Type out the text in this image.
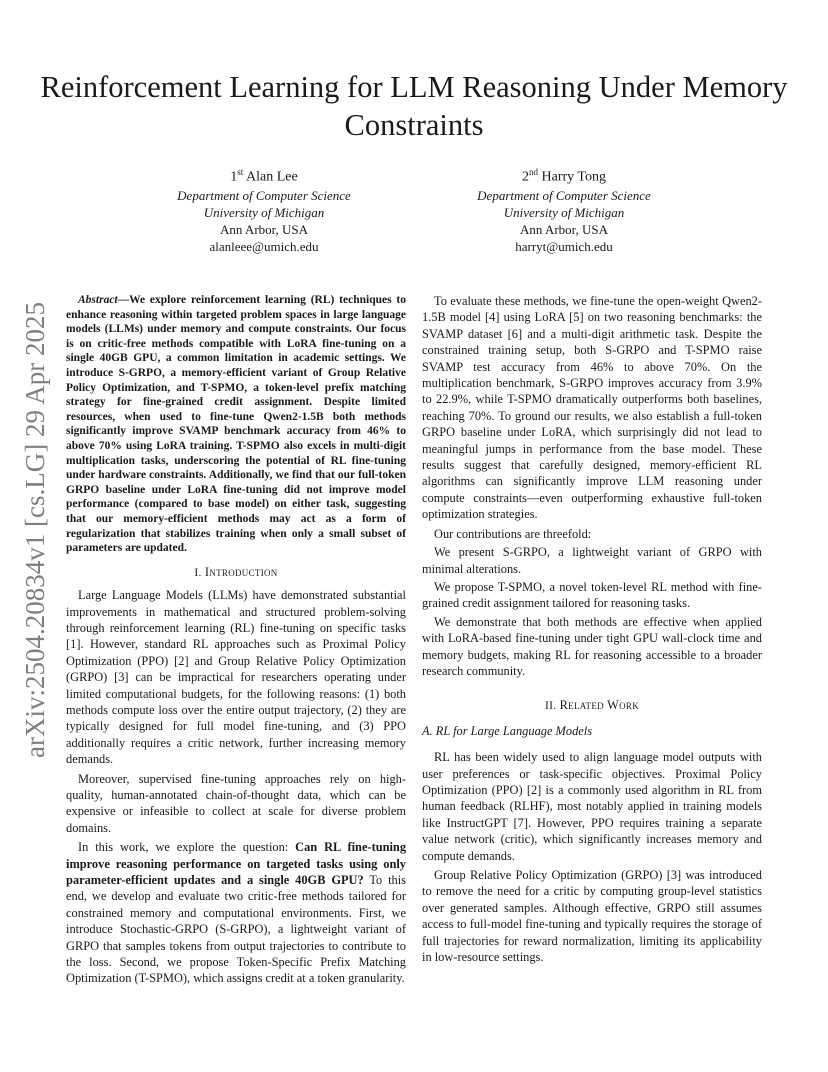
Reinforcement Learning for LLM Reasoning Under Memory Constraints
1st Alan Lee
Department of Computer Science
University of Michigan
Ann Arbor, USA
alanleee@umich.edu
2nd Harry Tong
Department of Computer Science
University of Michigan
Ann Arbor, USA
harryt@umich.edu
arXiv:2504.20834v1 [cs.LG] 29 Apr 2025

Abstract—We explore reinforcement learning (RL) techniques to enhance reasoning within targeted problem spaces in large language models (LLMs) under memory and compute constraints. Our focus is on critic-free methods compatible with LoRA fine-tuning on a single 40GB GPU, a common limitation in academic settings. We introduce S-GRPO, a memory-efficient variant of Group Relative Policy Optimization, and T-SPMO, a token-level prefix matching strategy for fine-grained credit assignment. Despite limited resources, when used to fine-tune Qwen2-1.5B both methods significantly improve SVAMP benchmark accuracy from 46% to above 70% using LoRA training. T-SPMO also excels in multi-digit multiplication tasks, underscoring the potential of RL fine-tuning under hardware constraints. Additionally, we find that our full-token GRPO baseline under LoRA fine-tuning did not improve model performance (compared to base model) on either task, suggesting that our memory-efficient methods may act as a form of regularization that stabilizes training when only a small subset of parameters are updated.

I. Introduction

Large Language Models (LLMs) have demonstrated substantial improvements in mathematical and structured problem-solving through reinforcement learning (RL) fine-tuning on specific tasks [1]. However, standard RL approaches such as Proximal Policy Optimization (PPO) [2] and Group Relative Policy Optimization (GRPO) [3] can be impractical for researchers operating under limited computational budgets, for the following reasons: (1) both methods compute loss over the entire output trajectory, (2) they are typically designed for full model fine-tuning, and (3) PPO additionally requires a critic network, further increasing memory demands.

Moreover, supervised fine-tuning approaches rely on high-quality, human-annotated chain-of-thought data, which can be expensive or infeasible to collect at scale for diverse problem domains.

In this work, we explore the question: Can RL fine-tuning improve reasoning performance on targeted tasks using only parameter-efficient updates and a single 40GB GPU? To this end, we develop and evaluate two critic-free methods tailored for constrained memory and computational environments. First, we introduce Stochastic-GRPO (S-GRPO), a lightweight variant of GRPO that samples tokens from output trajectories to contribute to the loss. Second, we propose Token-Specific Prefix Matching Optimization (T-SPMO), which assigns credit at a token granularity.

To evaluate these methods, we fine-tune the open-weight Qwen2-1.5B model [4] using LoRA [5] on two reasoning benchmarks: the SVAMP dataset [6] and a multi-digit arithmetic task. Despite the constrained training setup, both S-GRPO and T-SPMO raise SVAMP test accuracy from 46% to above 70%. On the multiplication benchmark, S-GRPO improves accuracy from 3.9% to 22.9%, while T-SPMO dramatically outperforms both baselines, reaching 70%. To ground our results, we also establish a full-token GRPO baseline under LoRA, which surprisingly did not lead to meaningful jumps in performance from the base model. These results suggest that carefully designed, memory-efficient RL algorithms can significantly improve LLM reasoning under compute constraints—even outperforming exhaustive full-token optimization strategies.

Our contributions are threefold:

We present S-GRPO, a lightweight variant of GRPO with minimal alterations.

We propose T-SPMO, a novel token-level RL method with fine-grained credit assignment tailored for reasoning tasks.

We demonstrate that both methods are effective when applied with LoRA-based fine-tuning under tight GPU wall-clock time and memory budgets, making RL for reasoning accessible to a broader research community.

II. Related Work
A. RL for Large Language Models

RL has been widely used to align language model outputs with user preferences or task-specific objectives. Proximal Policy Optimization (PPO) [2] is a commonly used algorithm in RL from human feedback (RLHF), most notably applied in training models like InstructGPT [7]. However, PPO requires training a separate value network (critic), which significantly increases memory and compute demands.

Group Relative Policy Optimization (GRPO) [3] was introduced to remove the need for a critic by computing group-level statistics over generated samples. Although effective, GRPO still assumes access to full-model fine-tuning and typically requires the storage of full trajectories for reward normalization, limiting its applicability in low-resource settings.
